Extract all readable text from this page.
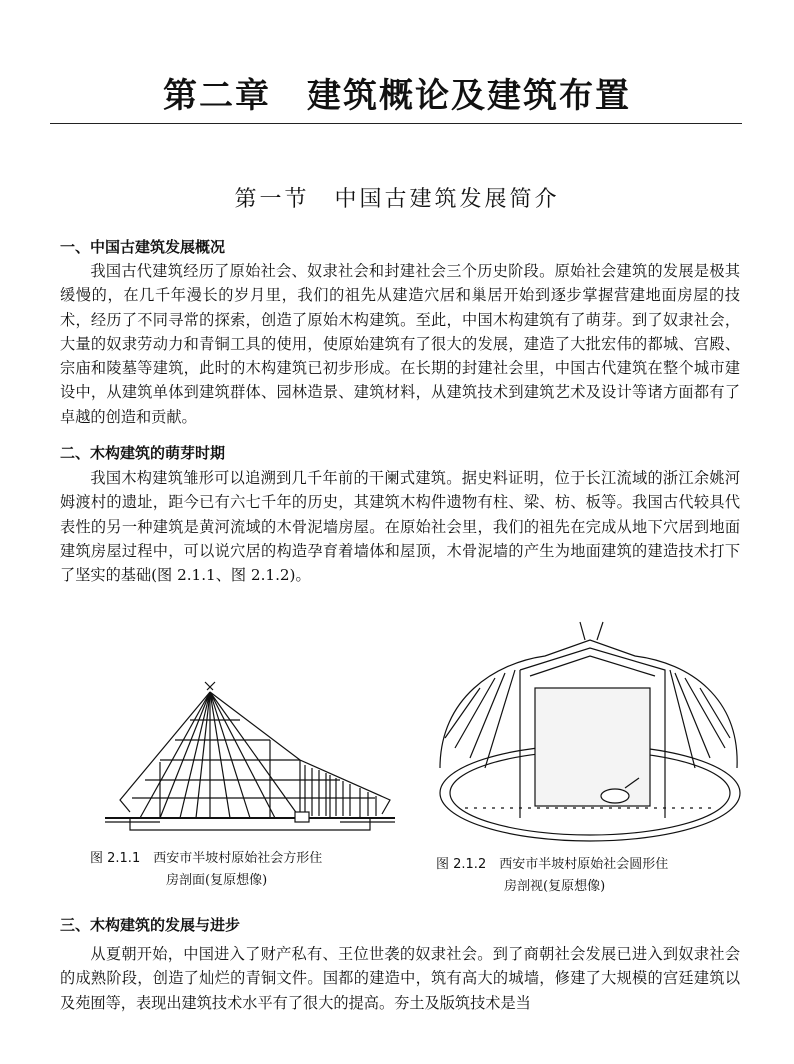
第二章　建筑概论及建筑布置
第一节　中国古建筑发展简介
一、中国古建筑发展概况

我国古代建筑经历了原始社会、奴隶社会和封建社会三个历史阶段。原始社会建筑的发展是极其缓慢的，在几千年漫长的岁月里，我们的祖先从建造穴居和巢居开始到逐步掌握营建地面房屋的技术，经历了不同寻常的探索，创造了原始木构建筑。至此，中国木构建筑有了萌芽。到了奴隶社会，大量的奴隶劳动力和青铜工具的使用，使原始建筑有了很大的发展，建造了大批宏伟的都城、宫殿、宗庙和陵墓等建筑，此时的木构建筑已初步形成。在长期的封建社会里，中国古代建筑在整个城市建设中，从建筑单体到建筑群体、园林造景、建筑材料，从建筑技术到建筑艺术及设计等诸方面都有了卓越的创造和贡献。

二、木构建筑的萌芽时期

我国木构建筑雏形可以追溯到几千年前的干阑式建筑。据史料证明，位于长江流域的浙江余姚河姆渡村的遗址，距今已有六七千年的历史，其建筑木构件遗物有柱、梁、枋、板等。我国古代较具代表性的另一种建筑是黄河流域的木骨泥墙房屋。在原始社会里，我们的祖先在完成从地下穴居到地面建筑房屋过程中，可以说穴居的构造孕育着墙体和屋顶，木骨泥墙的产生为地面建筑的建造技术打下了坚实的基础(图 2.1.1、图 2.1.2)。

图 2.1.1　 西安市半坡村原始社会方形住
房剖面(复原想像)

图 2.1.2　 西安市半坡村原始社会圆形住
房剖视(复原想像)

三、木构建筑的发展与进步

从夏朝开始，中国进入了财产私有、王位世袭的奴隶社会。到了商朝社会发展已进入到奴隶社会的成熟阶段，创造了灿烂的青铜文件。国都的建造中，筑有高大的城墙，修建了大规模的宫廷建筑以及苑囿等，表现出建筑技术水平有了很大的提高。夯土及版筑技术是当
